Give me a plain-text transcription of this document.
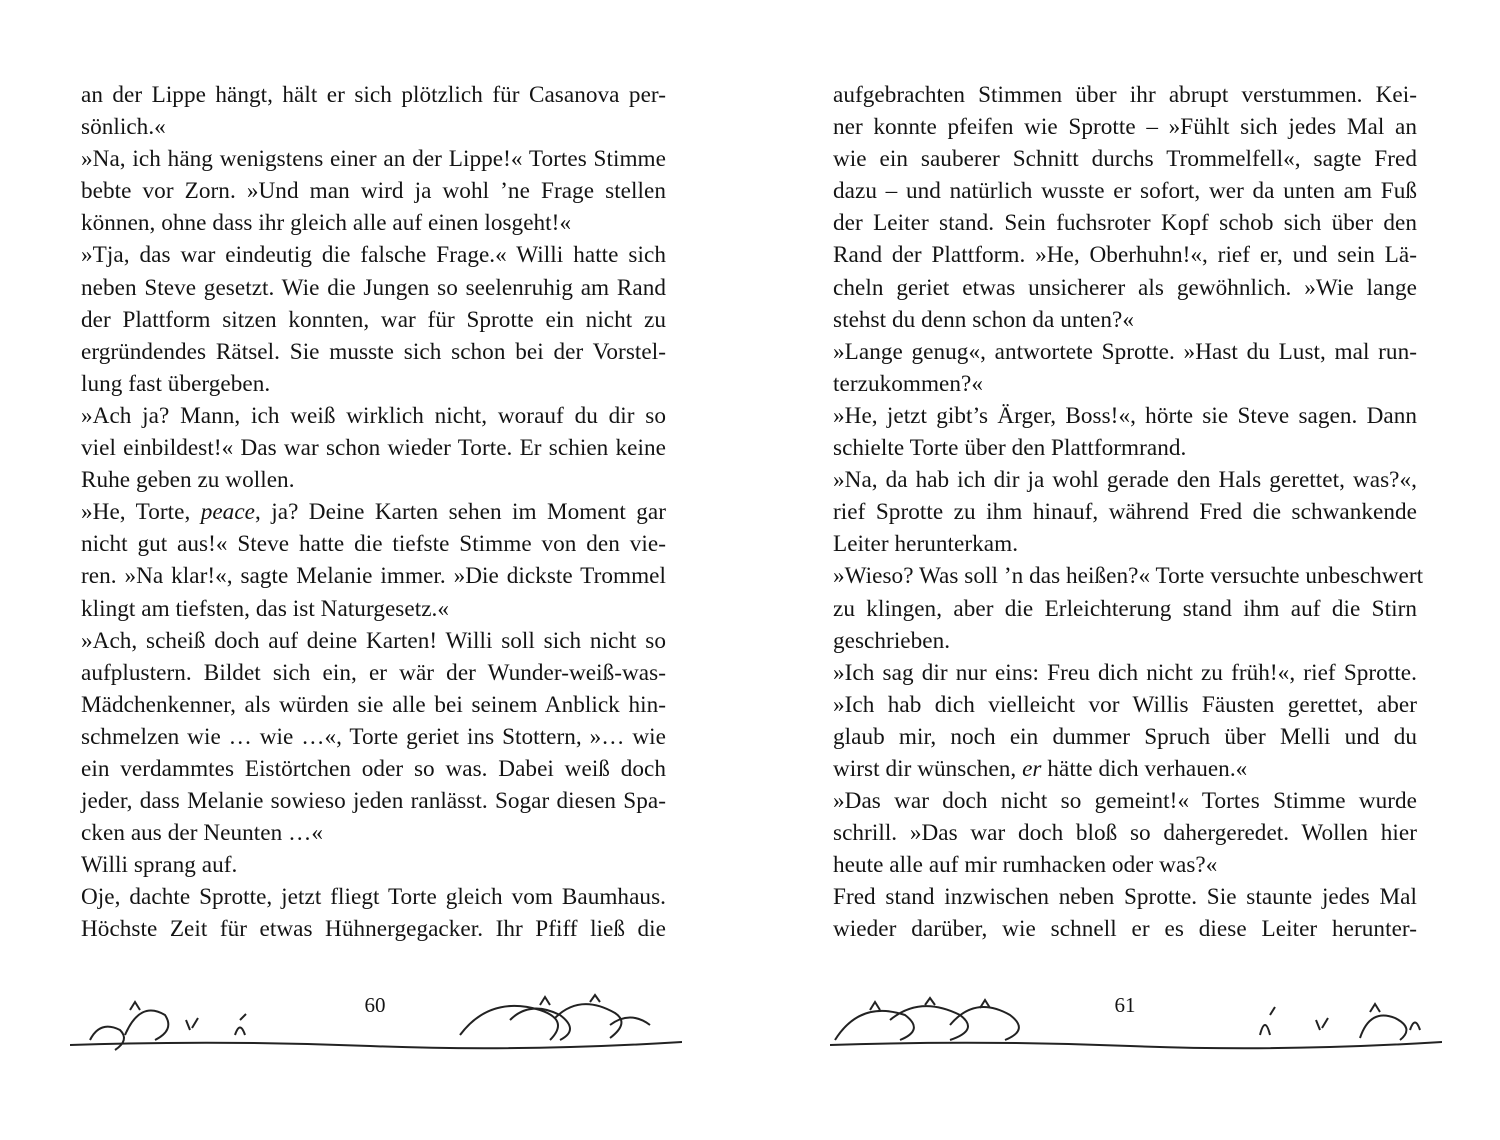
an der Lippe hängt, hält er sich plötzlich für Casanova per-
sönlich.«
»Na, ich häng wenigstens einer an der Lippe!« Tortes Stimme
bebte vor Zorn. »Und man wird ja wohl ’ne Frage stellen
können, ohne dass ihr gleich alle auf einen losgeht!«
»Tja, das war eindeutig die falsche Frage.« Willi hatte sich
neben Steve gesetzt. Wie die Jungen so seelenruhig am Rand
der Plattform sitzen konnten, war für Sprotte ein nicht zu
ergründendes Rätsel. Sie musste sich schon bei der Vorstel-
lung fast übergeben.
»Ach ja? Mann, ich weiß wirklich nicht, worauf du dir so
viel einbildest!« Das war schon wieder Torte. Er schien keine
Ruhe geben zu wollen.
»He, Torte, peace, ja? Deine Karten sehen im Moment gar
nicht gut aus!« Steve hatte die tiefste Stimme von den vie-
ren. »Na klar!«, sagte Melanie immer. »Die dickste Trommel
klingt am tiefsten, das ist Naturgesetz.«
»Ach, scheiß doch auf deine Karten! Willi soll sich nicht so
aufplustern. Bildet sich ein, er wär der Wunder-weiß-was-
Mädchenkenner, als würden sie alle bei seinem Anblick hin-
schmelzen wie … wie …«, Torte geriet ins Stottern, »… wie
ein verdammtes Eistörtchen oder so was. Dabei weiß doch
jeder, dass Melanie sowieso jeden ranlässt. Sogar diesen Spa-
cken aus der Neunten …«
Willi sprang auf.
Oje, dachte Sprotte, jetzt fliegt Torte gleich vom Baumhaus.
Höchste Zeit für etwas Hühnergegacker. Ihr Pfiff ließ die
60
aufgebrachten Stimmen über ihr abrupt verstummen. Kei-
ner konnte pfeifen wie Sprotte – »Fühlt sich jedes Mal an
wie ein sauberer Schnitt durchs Trommelfell«, sagte Fred
dazu – und natürlich wusste er sofort, wer da unten am Fuß
der Leiter stand. Sein fuchsroter Kopf schob sich über den
Rand der Plattform. »He, Oberhuhn!«, rief er, und sein Lä-
cheln geriet etwas unsicherer als gewöhnlich. »Wie lange
stehst du denn schon da unten?«
»Lange genug«, antwortete Sprotte. »Hast du Lust, mal run-
terzukommen?«
»He, jetzt gibt’s Ärger, Boss!«, hörte sie Steve sagen. Dann
schielte Torte über den Plattformrand.
»Na, da hab ich dir ja wohl gerade den Hals gerettet, was?«,
rief Sprotte zu ihm hinauf, während Fred die schwankende
Leiter herunterkam.
»Wieso? Was soll ’n das heißen?« Torte versuchte unbeschwert
zu klingen, aber die Erleichterung stand ihm auf die Stirn
geschrieben.
»Ich sag dir nur eins: Freu dich nicht zu früh!«, rief Sprotte.
»Ich hab dich vielleicht vor Willis Fäusten gerettet, aber
glaub mir, noch ein dummer Spruch über Melli und du
wirst dir wünschen, er hätte dich verhauen.«
»Das war doch nicht so gemeint!« Tortes Stimme wurde
schrill. »Das war doch bloß so dahergeredet. Wollen hier
heute alle auf mir rumhacken oder was?«
Fred stand inzwischen neben Sprotte. Sie staunte jedes Mal
wieder darüber, wie schnell er es diese Leiter herunter-
61
